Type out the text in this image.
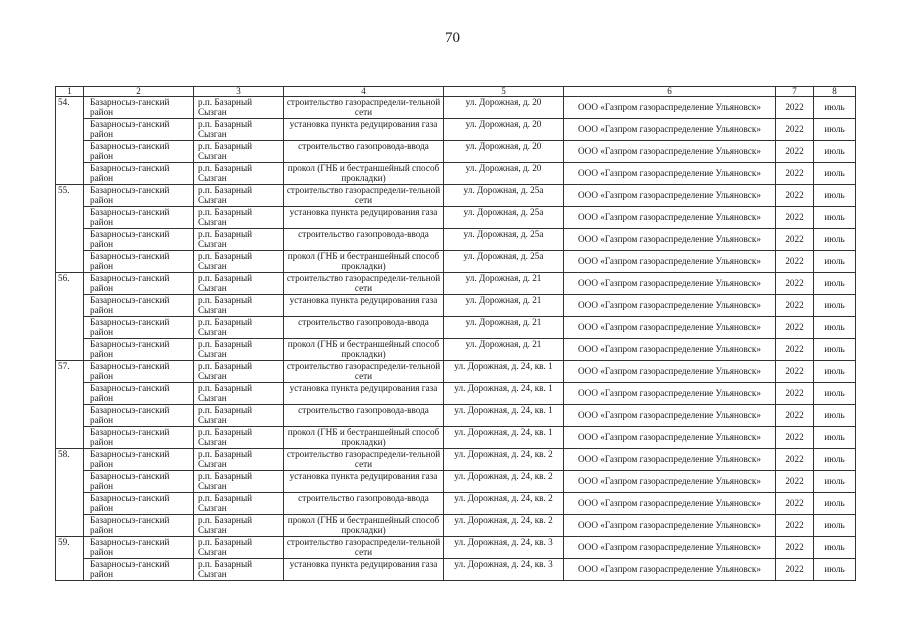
70
1	2	3	4	5	6	7	8
54.	Базарносыз-ганский район	р.п. Базарный Сызган	строительство газораспредели-тельной сети	ул. Дорожная, д. 20	ООО «Газпром газораспределение Ульяновск»	2022	июль
	Базарносыз-ганский район	р.п. Базарный Сызган	установка пункта редуцирования газа	ул. Дорожная, д. 20	ООО «Газпром газораспределение Ульяновск»	2022	июль
	Базарносыз-ганский район	р.п. Базарный Сызган	строительство газопровода-ввода	ул. Дорожная, д. 20	ООО «Газпром газораспределение Ульяновск»	2022	июль
	Базарносыз-ганский район	р.п. Базарный Сызган	прокол (ГНБ и бестраншейный способ прокладки)	ул. Дорожная, д. 20	ООО «Газпром газораспределение Ульяновск»	2022	июль
55.	Базарносыз-ганский район	р.п. Базарный Сызган	строительство газораспредели-тельной сети	ул. Дорожная, д. 25а	ООО «Газпром газораспределение Ульяновск»	2022	июль
	Базарносыз-ганский район	р.п. Базарный Сызган	установка пункта редуцирования газа	ул. Дорожная, д. 25а	ООО «Газпром газораспределение Ульяновск»	2022	июль
	Базарносыз-ганский район	р.п. Базарный Сызган	строительство газопровода-ввода	ул. Дорожная, д. 25а	ООО «Газпром газораспределение Ульяновск»	2022	июль
	Базарносыз-ганский район	р.п. Базарный Сызган	прокол (ГНБ и бестраншейный способ прокладки)	ул. Дорожная, д. 25а	ООО «Газпром газораспределение Ульяновск»	2022	июль
56.	Базарносыз-ганский район	р.п. Базарный Сызган	строительство газораспредели-тельной сети	ул. Дорожная, д. 21	ООО «Газпром газораспределение Ульяновск»	2022	июль
	Базарносыз-ганский район	р.п. Базарный Сызган	установка пункта редуцирования газа	ул. Дорожная, д. 21	ООО «Газпром газораспределение Ульяновск»	2022	июль
	Базарносыз-ганский район	р.п. Базарный Сызган	строительство газопровода-ввода	ул. Дорожная, д. 21	ООО «Газпром газораспределение Ульяновск»	2022	июль
	Базарносыз-ганский район	р.п. Базарный Сызган	прокол (ГНБ и бестраншейный способ прокладки)	ул. Дорожная, д. 21	ООО «Газпром газораспределение Ульяновск»	2022	июль
57.	Базарносыз-ганский район	р.п. Базарный Сызган	строительство газораспредели-тельной сети	ул. Дорожная, д. 24, кв. 1	ООО «Газпром газораспределение Ульяновск»	2022	июль
	Базарносыз-ганский район	р.п. Базарный Сызган	установка пункта редуцирования газа	ул. Дорожная, д. 24, кв. 1	ООО «Газпром газораспределение Ульяновск»	2022	июль
	Базарносыз-ганский район	р.п. Базарный Сызган	строительство газопровода-ввода	ул. Дорожная, д. 24, кв. 1	ООО «Газпром газораспределение Ульяновск»	2022	июль
	Базарносыз-ганский район	р.п. Базарный Сызган	прокол (ГНБ и бестраншейный способ прокладки)	ул. Дорожная, д. 24, кв. 1	ООО «Газпром газораспределение Ульяновск»	2022	июль
58.	Базарносыз-ганский район	р.п. Базарный Сызган	строительство газораспредели-тельной сети	ул. Дорожная, д. 24, кв. 2	ООО «Газпром газораспределение Ульяновск»	2022	июль
	Базарносыз-ганский район	р.п. Базарный Сызган	установка пункта редуцирования газа	ул. Дорожная, д. 24, кв. 2	ООО «Газпром газораспределение Ульяновск»	2022	июль
	Базарносыз-ганский район	р.п. Базарный Сызган	строительство газопровода-ввода	ул. Дорожная, д. 24, кв. 2	ООО «Газпром газораспределение Ульяновск»	2022	июль
	Базарносыз-ганский район	р.п. Базарный Сызган	прокол (ГНБ и бестраншейный способ прокладки)	ул. Дорожная, д. 24, кв. 2	ООО «Газпром газораспределение Ульяновск»	2022	июль
59.	Базарносыз-ганский район	р.п. Базарный Сызган	строительство газораспредели-тельной сети	ул. Дорожная, д. 24, кв. 3	ООО «Газпром газораспределение Ульяновск»	2022	июль
	Базарносыз-ганский район	р.п. Базарный Сызган	установка пункта редуцирования газа	ул. Дорожная, д. 24, кв. 3	ООО «Газпром газораспределение Ульяновск»	2022	июль
